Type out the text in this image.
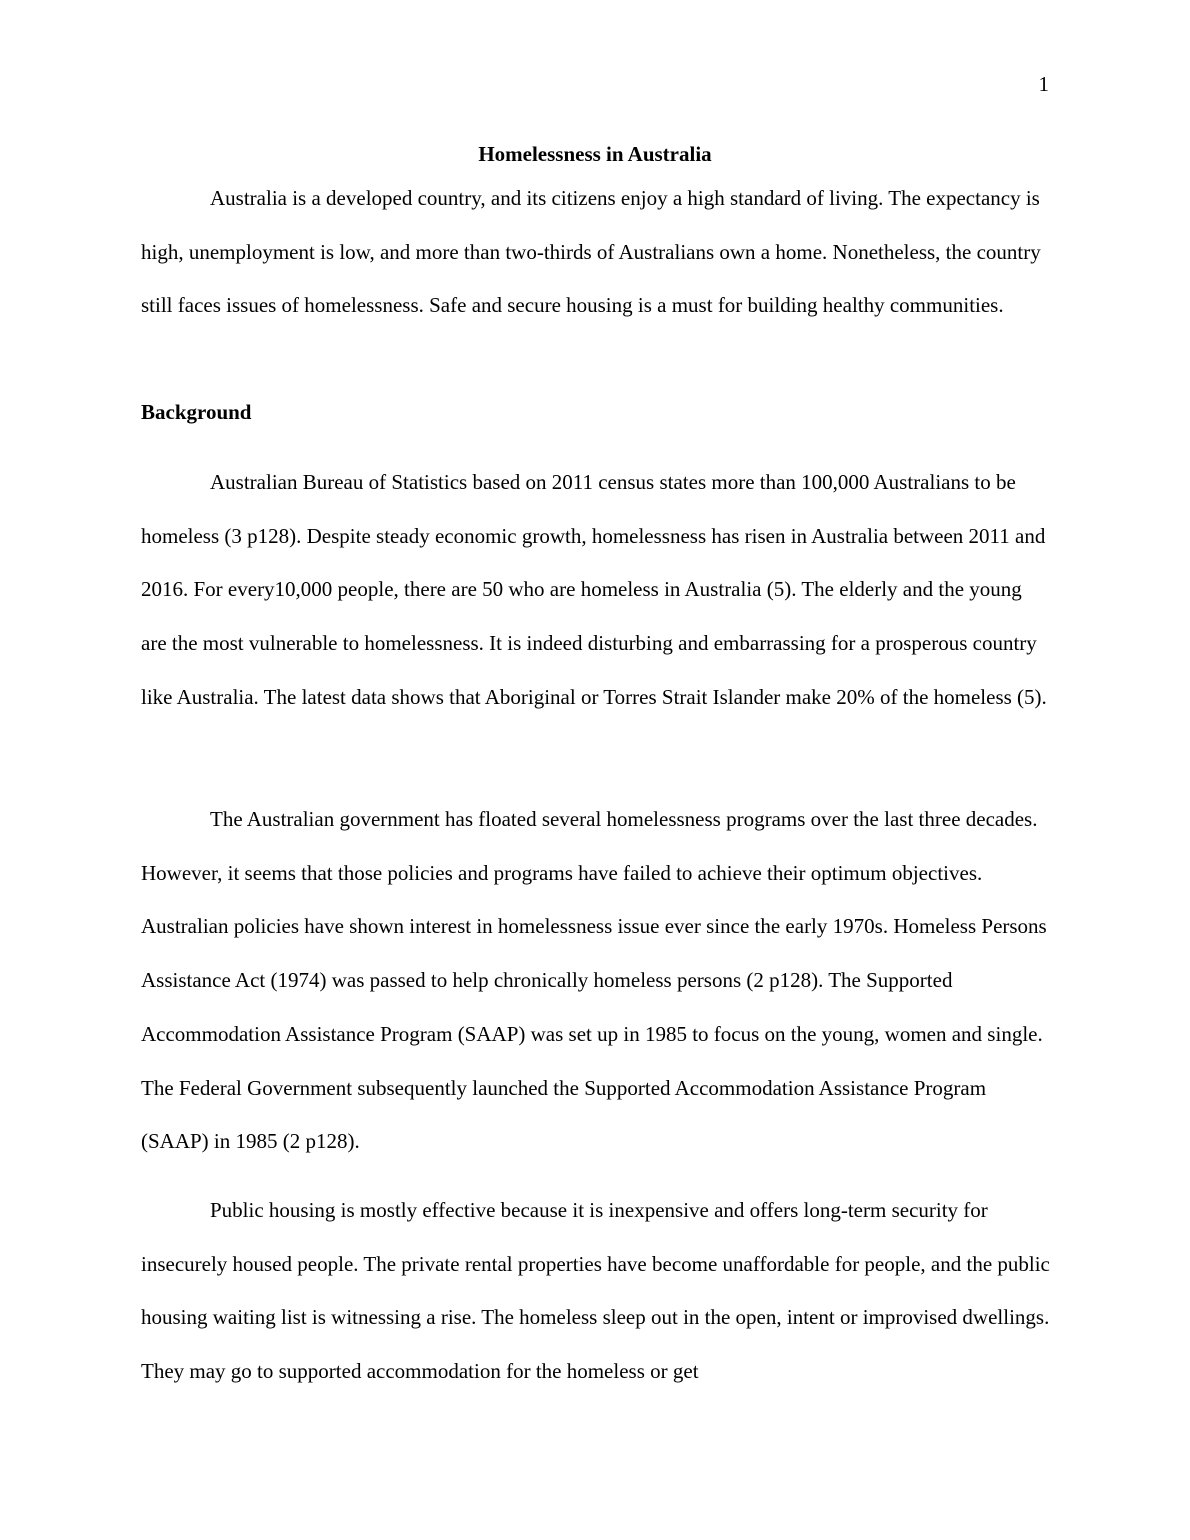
1
Homelessness in Australia

Australia is a developed country, and its citizens enjoy a high standard of living. The expectancy is high, unemployment is low, and more than two-thirds of Australians own a home. Nonetheless, the country still faces issues of homelessness. Safe and secure housing is a must for building healthy communities.

Background

Australian Bureau of Statistics based on 2011 census states more than 100,000 Australians to be homeless (3 p128). Despite steady economic growth, homelessness has risen in Australia between 2011 and 2016. For every10,000 people, there are 50 who are homeless in Australia (5). The elderly and the young are the most vulnerable to homelessness. It is indeed disturbing and embarrassing for a prosperous country like Australia. The latest data shows that Aboriginal or Torres Strait Islander make 20% of the homeless (5).

The Australian government has floated several homelessness programs over the last three decades. However, it seems that those policies and programs have failed to achieve their optimum objectives. Australian policies have shown interest in homelessness issue ever since the early 1970s. Homeless Persons Assistance Act (1974) was passed to help chronically homeless persons (2 p128). The Supported Accommodation Assistance Program (SAAP) was set up in 1985 to focus on the young, women and single. The Federal Government subsequently launched the Supported Accommodation Assistance Program (SAAP) in 1985 (2 p128).

Public housing is mostly effective because it is inexpensive and offers long-term security for insecurely housed people. The private rental properties have become unaffordable for people, and the public housing waiting list is witnessing a rise. The homeless sleep out in the open, intent or improvised dwellings. They may go to supported accommodation for the homeless or get
